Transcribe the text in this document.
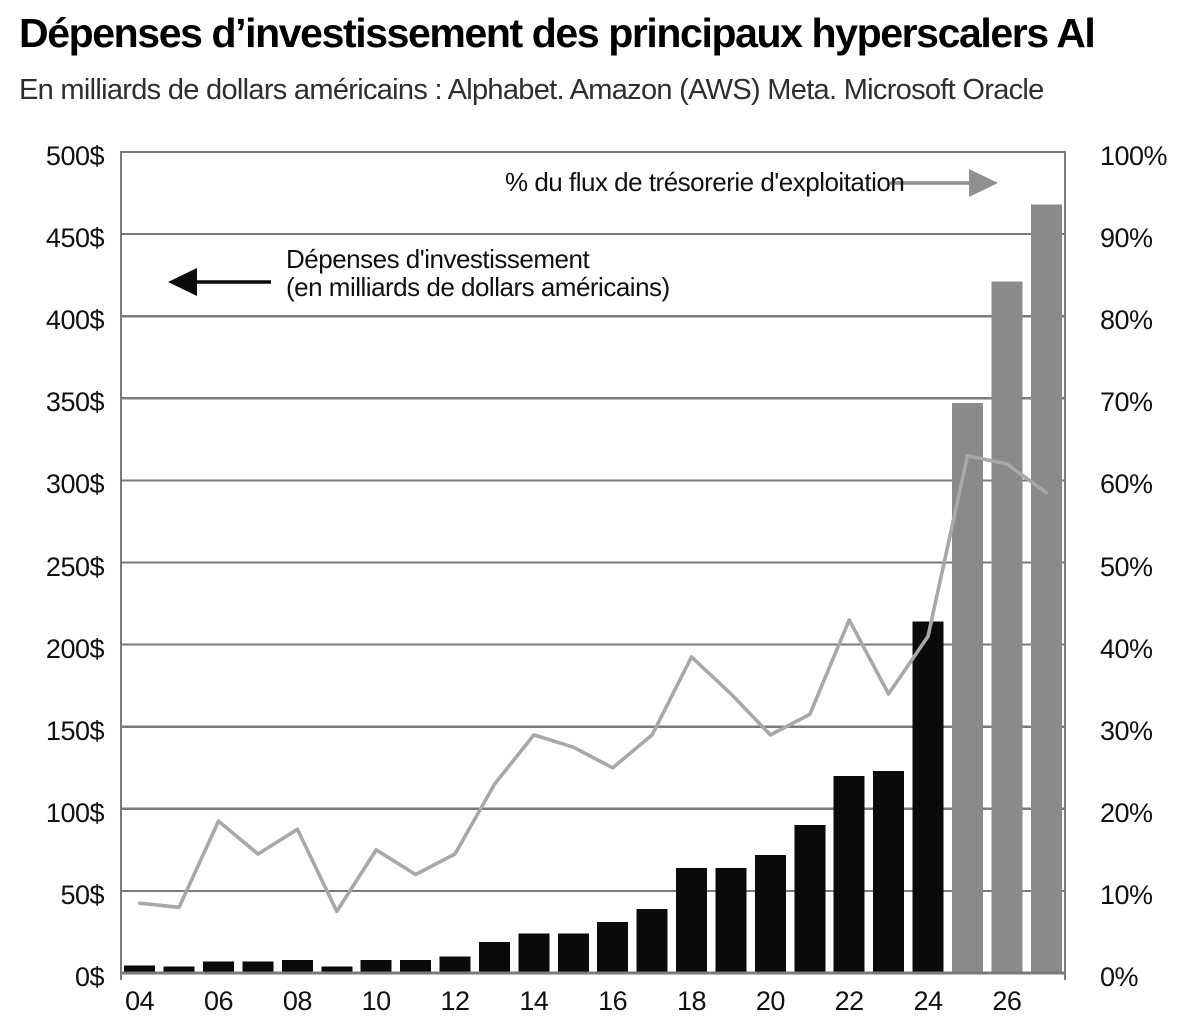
Dépenses d’investissement des principaux hyperscalers Al
En milliards de dollars américains : Alphabet. Amazon (AWS) Meta. Microsoft Oracle
0$
50$
100$
150$
200$
250$
300$
350$
400$
450$
500$
0%
10%
20%
30%
40%
50%
60%
70%
80%
90%
100%
04 06 08 10 12 14 16 18 20 22 24 26
% du flux de trésorerie d'exploitation
Dépenses d'investissement
(en milliards de dollars américains)
